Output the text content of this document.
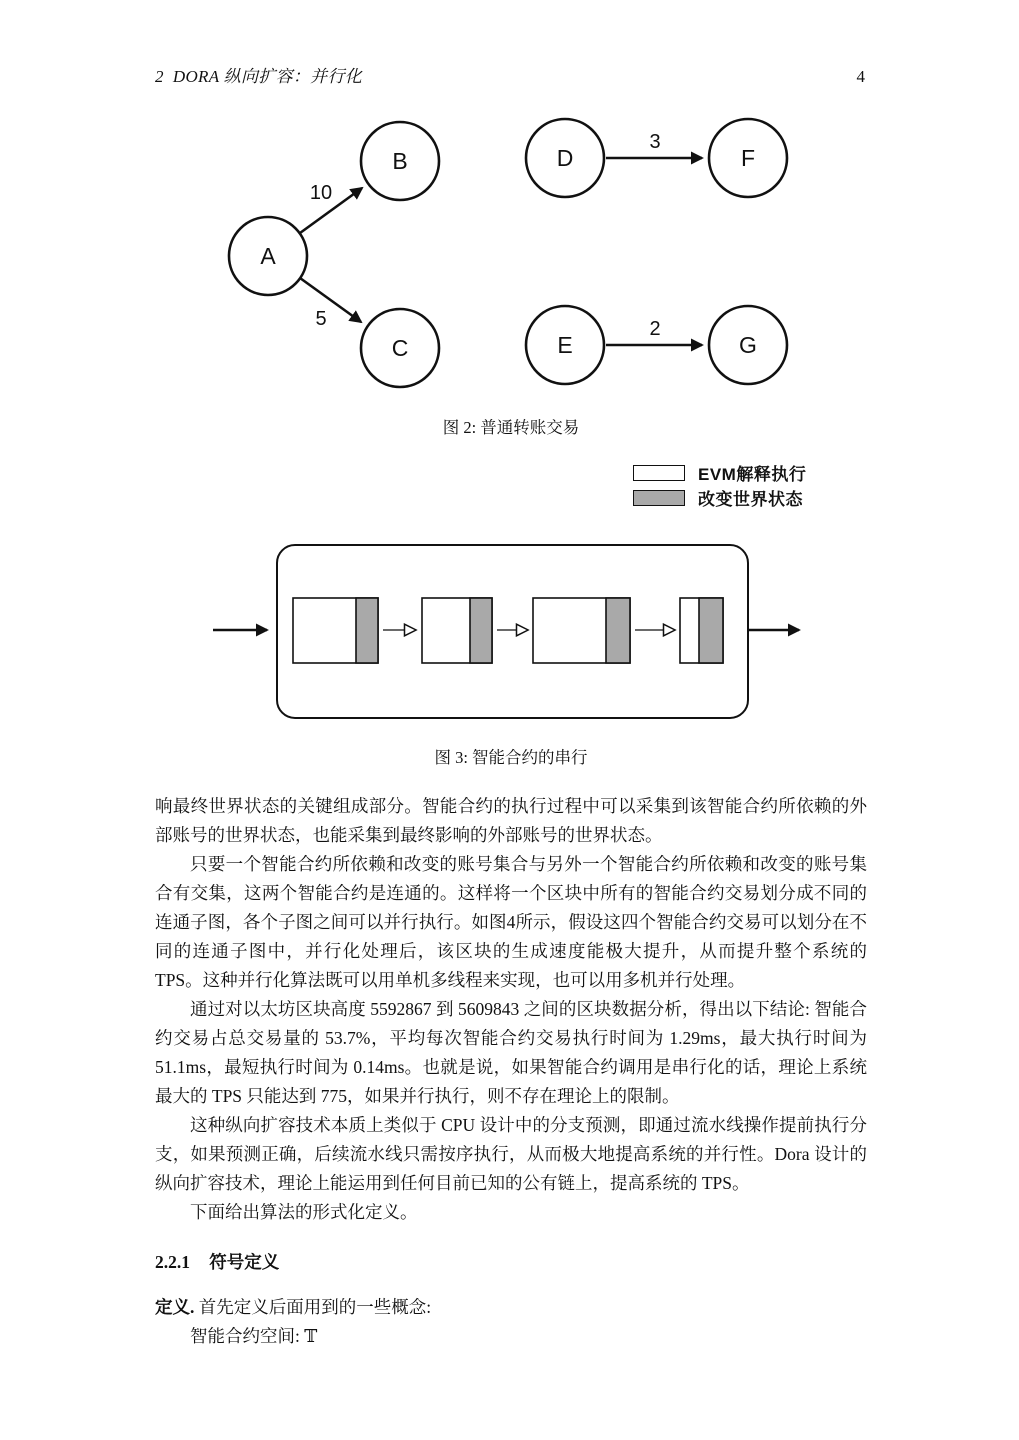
2  DORA 纵向扩容：并行化	4
10
5
3
2
A
B
C
D	F
E	G
图 2: 普通转账交易
EVM解释执行
改变世界状态
图 3: 智能合约的串行

响最终世界状态的关键组成部分。智能合约的执行过程中可以采集到该智能合约所依赖的外部账号的世界状态，也能采集到最终影响的外部账号的世界状态。

只要一个智能合约所依赖和改变的账号集合与另外一个智能合约所依赖和改变的账号集合有交集，这两个智能合约是连通的。这样将一个区块中所有的智能合约交易划分成不同的连通子图，各个子图之间可以并行执行。如图4所示，假设这四个智能合约交易可以划分在不同的连通子图中，并行化处理后，该区块的生成速度能极大提升，从而提升整个系统的 TPS。这种并行化算法既可以用单机多线程来实现，也可以用多机并行处理。

通过对以太坊区块高度 5592867 到 5609843 之间的区块数据分析，得出以下结论: 智能合约交易占总交易量的 53.7%，平均每次智能合约交易执行时间为 1.29ms，最大执行时间为 51.1ms，最短执行时间为 0.14ms。也就是说，如果智能合约调用是串行化的话，理论上系统最大的 TPS 只能达到 775，如果并行执行，则不存在理论上的限制。

这种纵向扩容技术本质上类似于 CPU 设计中的分支预测，即通过流水线操作提前执行分支，如果预测正确，后续流水线只需按序执行，从而极大地提高系统的并行性。Dora 设计的纵向扩容技术，理论上能运用到任何目前已知的公有链上，提高系统的 TPS。

下面给出算法的形式化定义。

2.2.1 符号定义

定义. 首先定义后面用到的一些概念:

智能合约空间: 𝕋
